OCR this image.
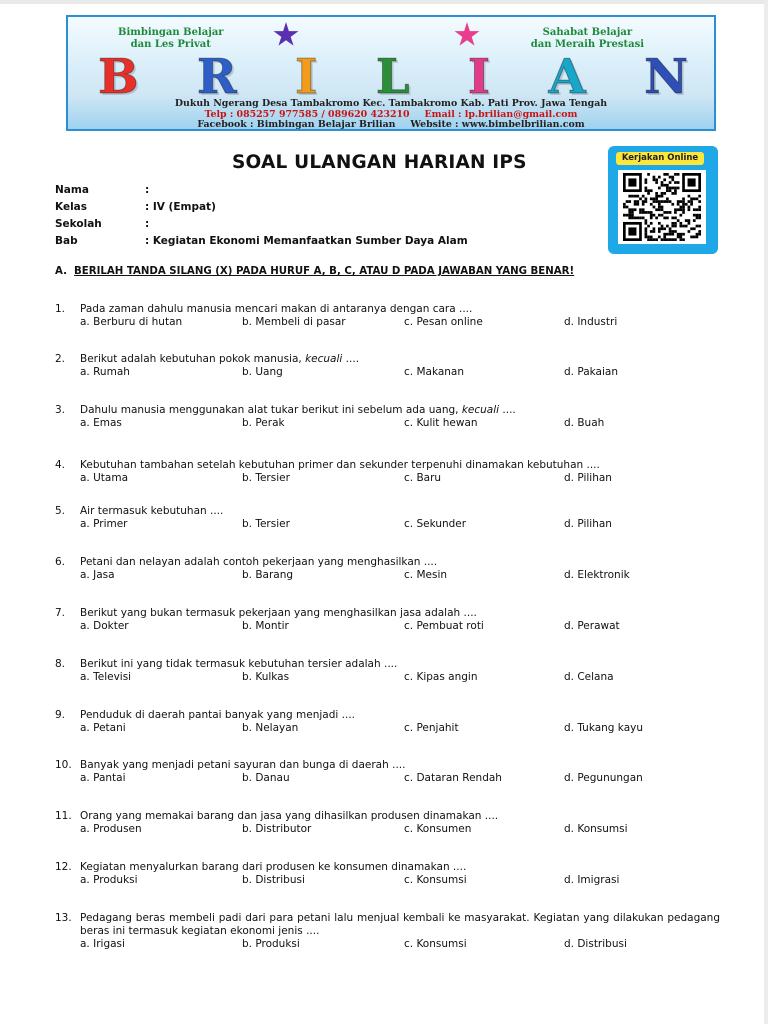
Bimbingan Belajar
dan Les Privat
Sahabat Belajar
dan Meraih Prestasi
B R I L I A N
Dukuh Ngerang Desa Tambakromo Kec. Tambakromo Kab. Pati Prov. Jawa Tengah
Telp : 085257 977585 / 089620 423210 Email : lp.brilian@gmail.com
Facebook : Bimbingan Belajar Brilian Website : www.bimbelbrilian.com
SOAL ULANGAN HARIAN IPS	Kerjakan Online
Nama	:
Kelas	: IV (Empat)
Sekolah	:
Bab	: Kegiatan Ekonomi Memanfaatkan Sumber Daya Alam
A. BERILAH TANDA SILANG (X) PADA HURUF A, B, C, ATAU D PADA JAWABAN YANG BENAR!
1. Pada zaman dahulu manusia mencari makan di antaranya dengan cara ....
a. Berburu di hutan	b. Membeli di pasar	c. Pesan online	d. Industri
2. Berikut adalah kebutuhan pokok manusia, kecuali ....
a. Rumah	b. Uang	c. Makanan	d. Pakaian
3. Dahulu manusia menggunakan alat tukar berikut ini sebelum ada uang, kecuali ....
a. Emas	b. Perak	c. Kulit hewan	d. Buah
4. Kebutuhan tambahan setelah kebutuhan primer dan sekunder terpenuhi dinamakan kebutuhan ....
a. Utama	b. Tersier	c. Baru	d. Pilihan
5. Air termasuk kebutuhan ....
a. Primer	b. Tersier	c. Sekunder	d. Pilihan
6. Petani dan nelayan adalah contoh pekerjaan yang menghasilkan ....
a. Jasa	b. Barang	c. Mesin	d. Elektronik
7. Berikut yang bukan termasuk pekerjaan yang menghasilkan jasa adalah ....
a. Dokter	b. Montir	c. Pembuat roti	d. Perawat
8. Berikut ini yang tidak termasuk kebutuhan tersier adalah ....
a. Televisi	b. Kulkas	c. Kipas angin	d. Celana
9. Penduduk di daerah pantai banyak yang menjadi ....
a. Petani	b. Nelayan	c. Penjahit	d. Tukang kayu
10. Banyak yang menjadi petani sayuran dan bunga di daerah ....
a. Pantai	b. Danau	c. Dataran Rendah	d. Pegunungan
11. Orang yang memakai barang dan jasa yang dihasilkan produsen dinamakan ....
a. Produsen	b. Distributor	c. Konsumen	d. Konsumsi
12. Kegiatan menyalurkan barang dari produsen ke konsumen dinamakan ....
a. Produksi	b. Distribusi	c. Konsumsi	d. Imigrasi
13. Pedagang beras membeli padi dari para petani lalu menjual kembali ke masyarakat. Kegiatan yang dilakukan pedagang beras ini termasuk kegiatan ekonomi jenis ....
a. Irigasi	b. Produksi	c. Konsumsi	d. Distribusi
